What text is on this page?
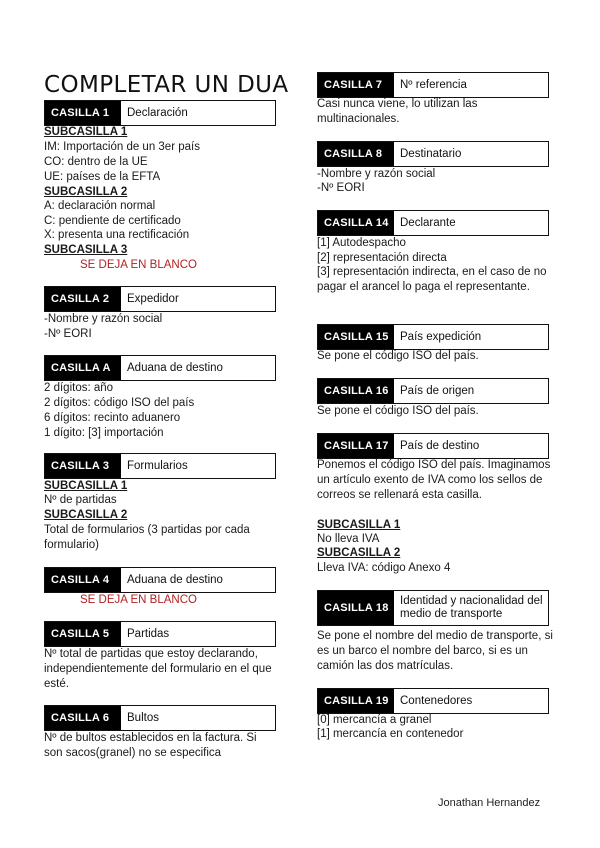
COMPLETAR UN DUA
CASILLA 1	Declaración
SUBCASILLA 1
IM: Importación de un 3er país
CO: dentro de la UE
UE: países de la EFTA
SUBCASILLA 2
A: declaración normal
C: pendiente de certificado
X: presenta una rectificación
SUBCASILLA 3
SE DEJA EN BLANCO
CASILLA 2	Expedidor
-Nombre y razón social
-Nº EORI
CASILLA A	Aduana de destino
2 dígitos: año
2 dígitos: código ISO del país
6 dígitos: recinto aduanero
1 dígito: [3] importación
CASILLA 3	Formularios
SUBCASILLA 1
Nº de partidas
SUBCASILLA 2
Total de formularios (3 partidas por cada formulario)
CASILLA 4	Aduana de destino
SE DEJA EN BLANCO
CASILLA 5	Partidas
Nº total de partidas que estoy declarando, independientemente del formulario en el que esté.
CASILLA 6	Bultos
Nº de bultos establecidos en la factura. Si son sacos(granel) no se especifica
CASILLA 7	Nº referencia
Casi nunca viene, lo utilizan las multinacionales.
CASILLA 8	Destinatario
-Nombre y razón social
-Nº EORI
CASILLA 14 Declarante
[1] Autodespacho
[2] representación directa
[3] representación indirecta, en el caso de no pagar el arancel lo paga el representante.
CASILLA 15 País expedición
Se pone el código ISO del país.
CASILLA 16 País de origen
Se pone el código ISO del país.
CASILLA 17 País de destino
Ponemos el código ISO del país. Imaginamos un artículo exento de IVA como los sellos de correos se rellenará esta casilla.
SUBCASILLA 1
No lleva IVA
SUBCASILLA 2
Lleva IVA: código Anexo 4
CASILLA 18
Identidad y nacionalidad del medio de transporte
Se pone el nombre del medio de transporte, si es un barco el nombre del barco, si es un camión las dos matrículas.
CASILLA 19 Contenedores
[0] mercancía a granel
[1] mercancía en contenedor
Jonathan Hernandez
